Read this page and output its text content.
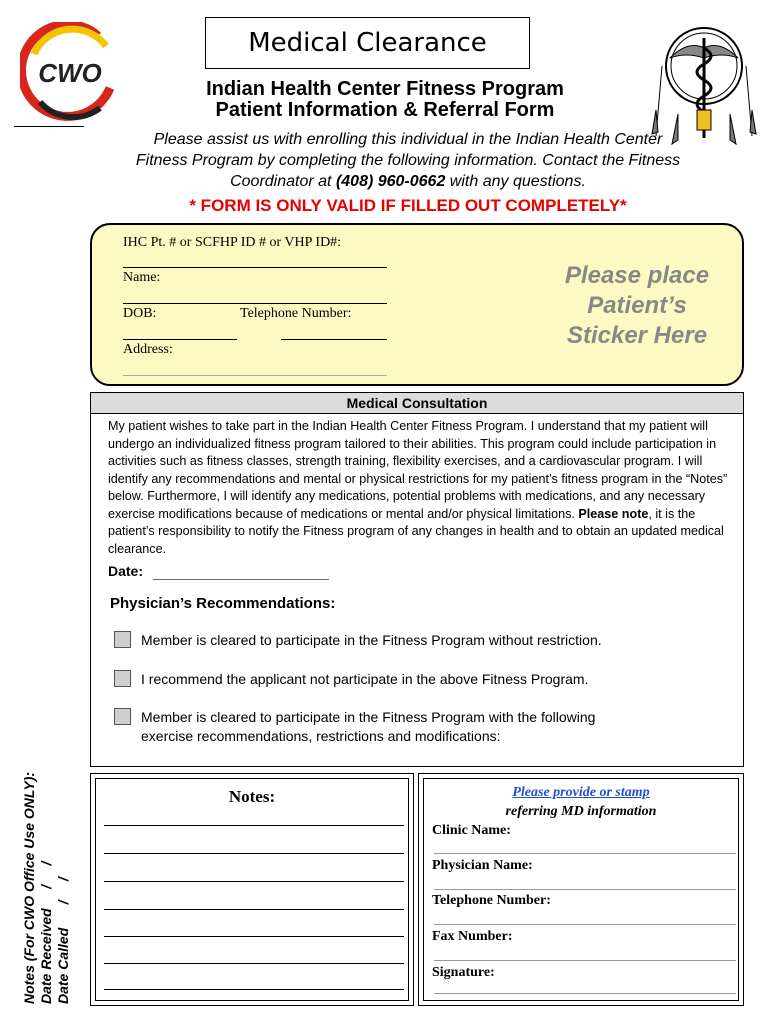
CWO
Medical Clearance
Indian Health Center Fitness Program
Patient Information & Referral Form
Please assist us with enrolling this individual in the Indian Health Center
Fitness Program by completing the following information. Contact the Fitness
Coordinator at (408) 960-0662 with any questions.
* FORM IS ONLY VALID IF FILLED OUT COMPLETELY*
Notes (For CWO Office Use ONLY): Date Received     /     / Date Called      /     /
IHC Pt. # or SCFHP ID # or VHP ID#:
Name:
DOB:	Telephone Number:
Address:
Please place Patient’s Sticker Here
Medical Consultation
My patient wishes to take part in the Indian Health Center Fitness Program. I understand that my patient will undergo an individualized fitness program tailored to their abilities. This program could include participation in activities such as fitness classes, strength training, flexibility exercises, and a cardiovascular program. I will identify any recommendations and mental or physical restrictions for my patient’s fitness program in the “Notes” below. Furthermore, I will identify any medications, potential problems with medications, and any necessary exercise modifications because of medications or mental and/or physical limitations. Please note, it is the patient’s responsibility to notify the Fitness program of any changes in health and to obtain an updated medical clearance.
Date:
Physician’s Recommendations:
Member is cleared to participate in the Fitness Program without restriction.
I recommend the applicant not participate in the above Fitness Program.
Member is cleared to participate in the Fitness Program with the following
exercise recommendations, restrictions and modifications:
Notes:	Please provide or stamp
referring MD information
Clinic Name:
Physician Name:
Telephone Number:
Fax Number:
Signature:
